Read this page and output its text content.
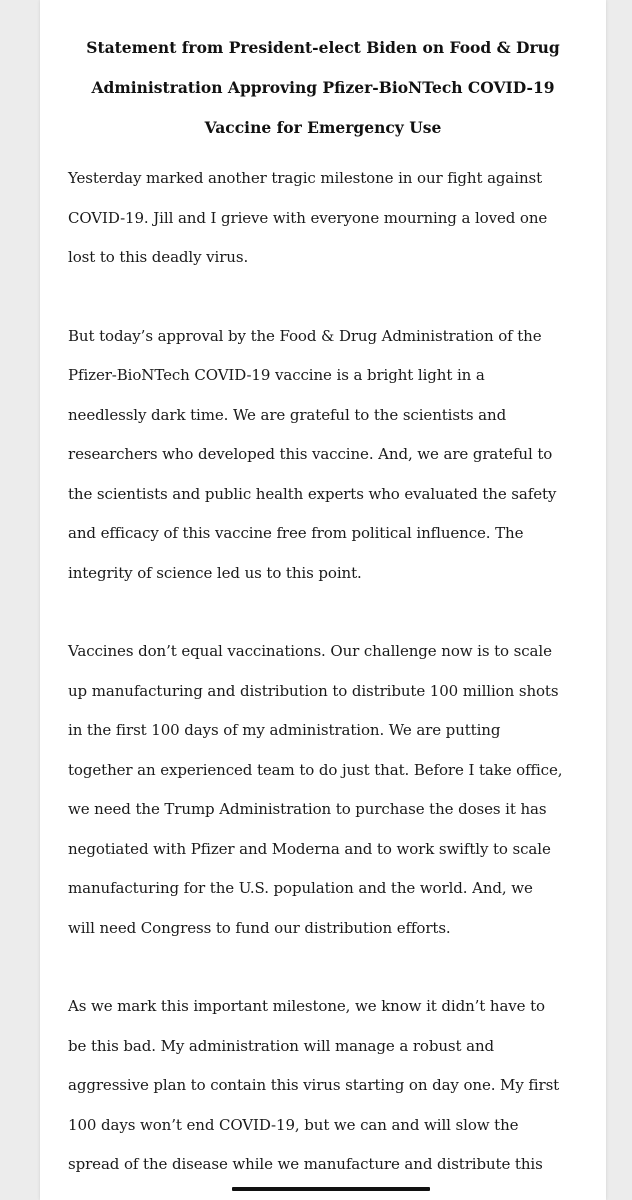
Statement from President-elect Biden on Food & Drug
Administration Approving Pfizer-BioNTech COVID-19
Vaccine for Emergency Use

Yesterday marked another tragic milestone in our fight against
COVID-19. Jill and I grieve with everyone mourning a loved one
lost to this deadly virus.

But today’s approval by the Food & Drug Administration of the
Pfizer-BioNTech COVID-19 vaccine is a bright light in a
needlessly dark time. We are grateful to the scientists and
researchers who developed this vaccine. And, we are grateful to
the scientists and public health experts who evaluated the safety
and efficacy of this vaccine free from political influence. The
integrity of science led us to this point.

Vaccines don’t equal vaccinations. Our challenge now is to scale
up manufacturing and distribution to distribute 100 million shots
in the first 100 days of my administration. We are putting
together an experienced team to do just that. Before I take office,
we need the Trump Administration to purchase the doses it has
negotiated with Pfizer and Moderna and to work swiftly to scale
manufacturing for the U.S. population and the world. And, we
will need Congress to fund our distribution efforts.

As we mark this important milestone, we know it didn’t have to
be this bad. My administration will manage a robust and
aggressive plan to contain this virus starting on day one. My first
100 days won’t end COVID-19, but we can and will slow the
spread of the disease while we manufacture and distribute this
